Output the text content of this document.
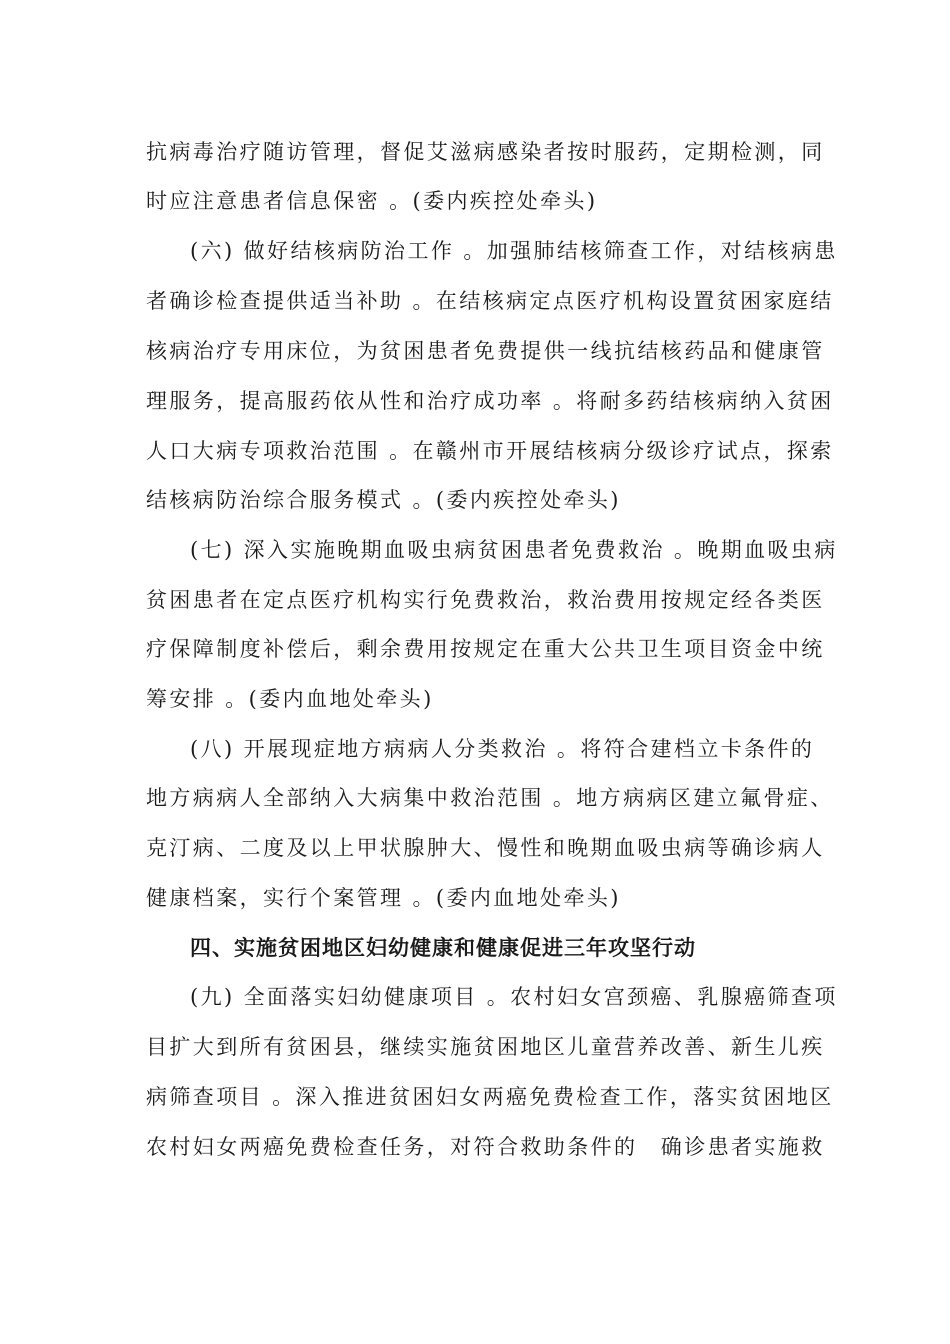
抗病毒治疗随访管理，督促艾滋病感染者按时服药，定期检测，同
时应注意患者信息保密 。(委内疾控处牵头)
(六) 做好结核病防治工作 。加强肺结核筛查工作，对结核病患
者确诊检查提供适当补助 。在结核病定点医疗机构设置贫困家庭结
核病治疗专用床位，为贫困患者免费提供一线抗结核药品和健康管
理服务，提高服药依从性和治疗成功率 。将耐多药结核病纳入贫困
人口大病专项救治范围 。在赣州市开展结核病分级诊疗试点，探索
结核病防治综合服务模式 。(委内疾控处牵头)
(七) 深入实施晚期血吸虫病贫困患者免费救治 。晚期血吸虫病
贫困患者在定点医疗机构实行免费救治，救治费用按规定经各类医
疗保障制度补偿后，剩余费用按规定在重大公共卫生项目资金中统
筹安排 。(委内血地处牵头)
(八) 开展现症地方病病人分类救治 。将符合建档立卡条件的
地方病病人全部纳入大病集中救治范围 。地方病病区建立氟骨症、
克汀病、二度及以上甲状腺肿大、慢性和晚期血吸虫病等确诊病人
健康档案，实行个案管理 。(委内血地处牵头)
四、实施贫困地区妇幼健康和健康促进三年攻坚行动
(九) 全面落实妇幼健康项目 。农村妇女宫颈癌、乳腺癌筛查项
目扩大到所有贫困县，继续实施贫困地区儿童营养改善、新生儿疾
病筛查项目 。深入推进贫困妇女两癌免费检查工作，落实贫困地区
农村妇女两癌免费检查任务，对符合救助条件的　确诊患者实施救
